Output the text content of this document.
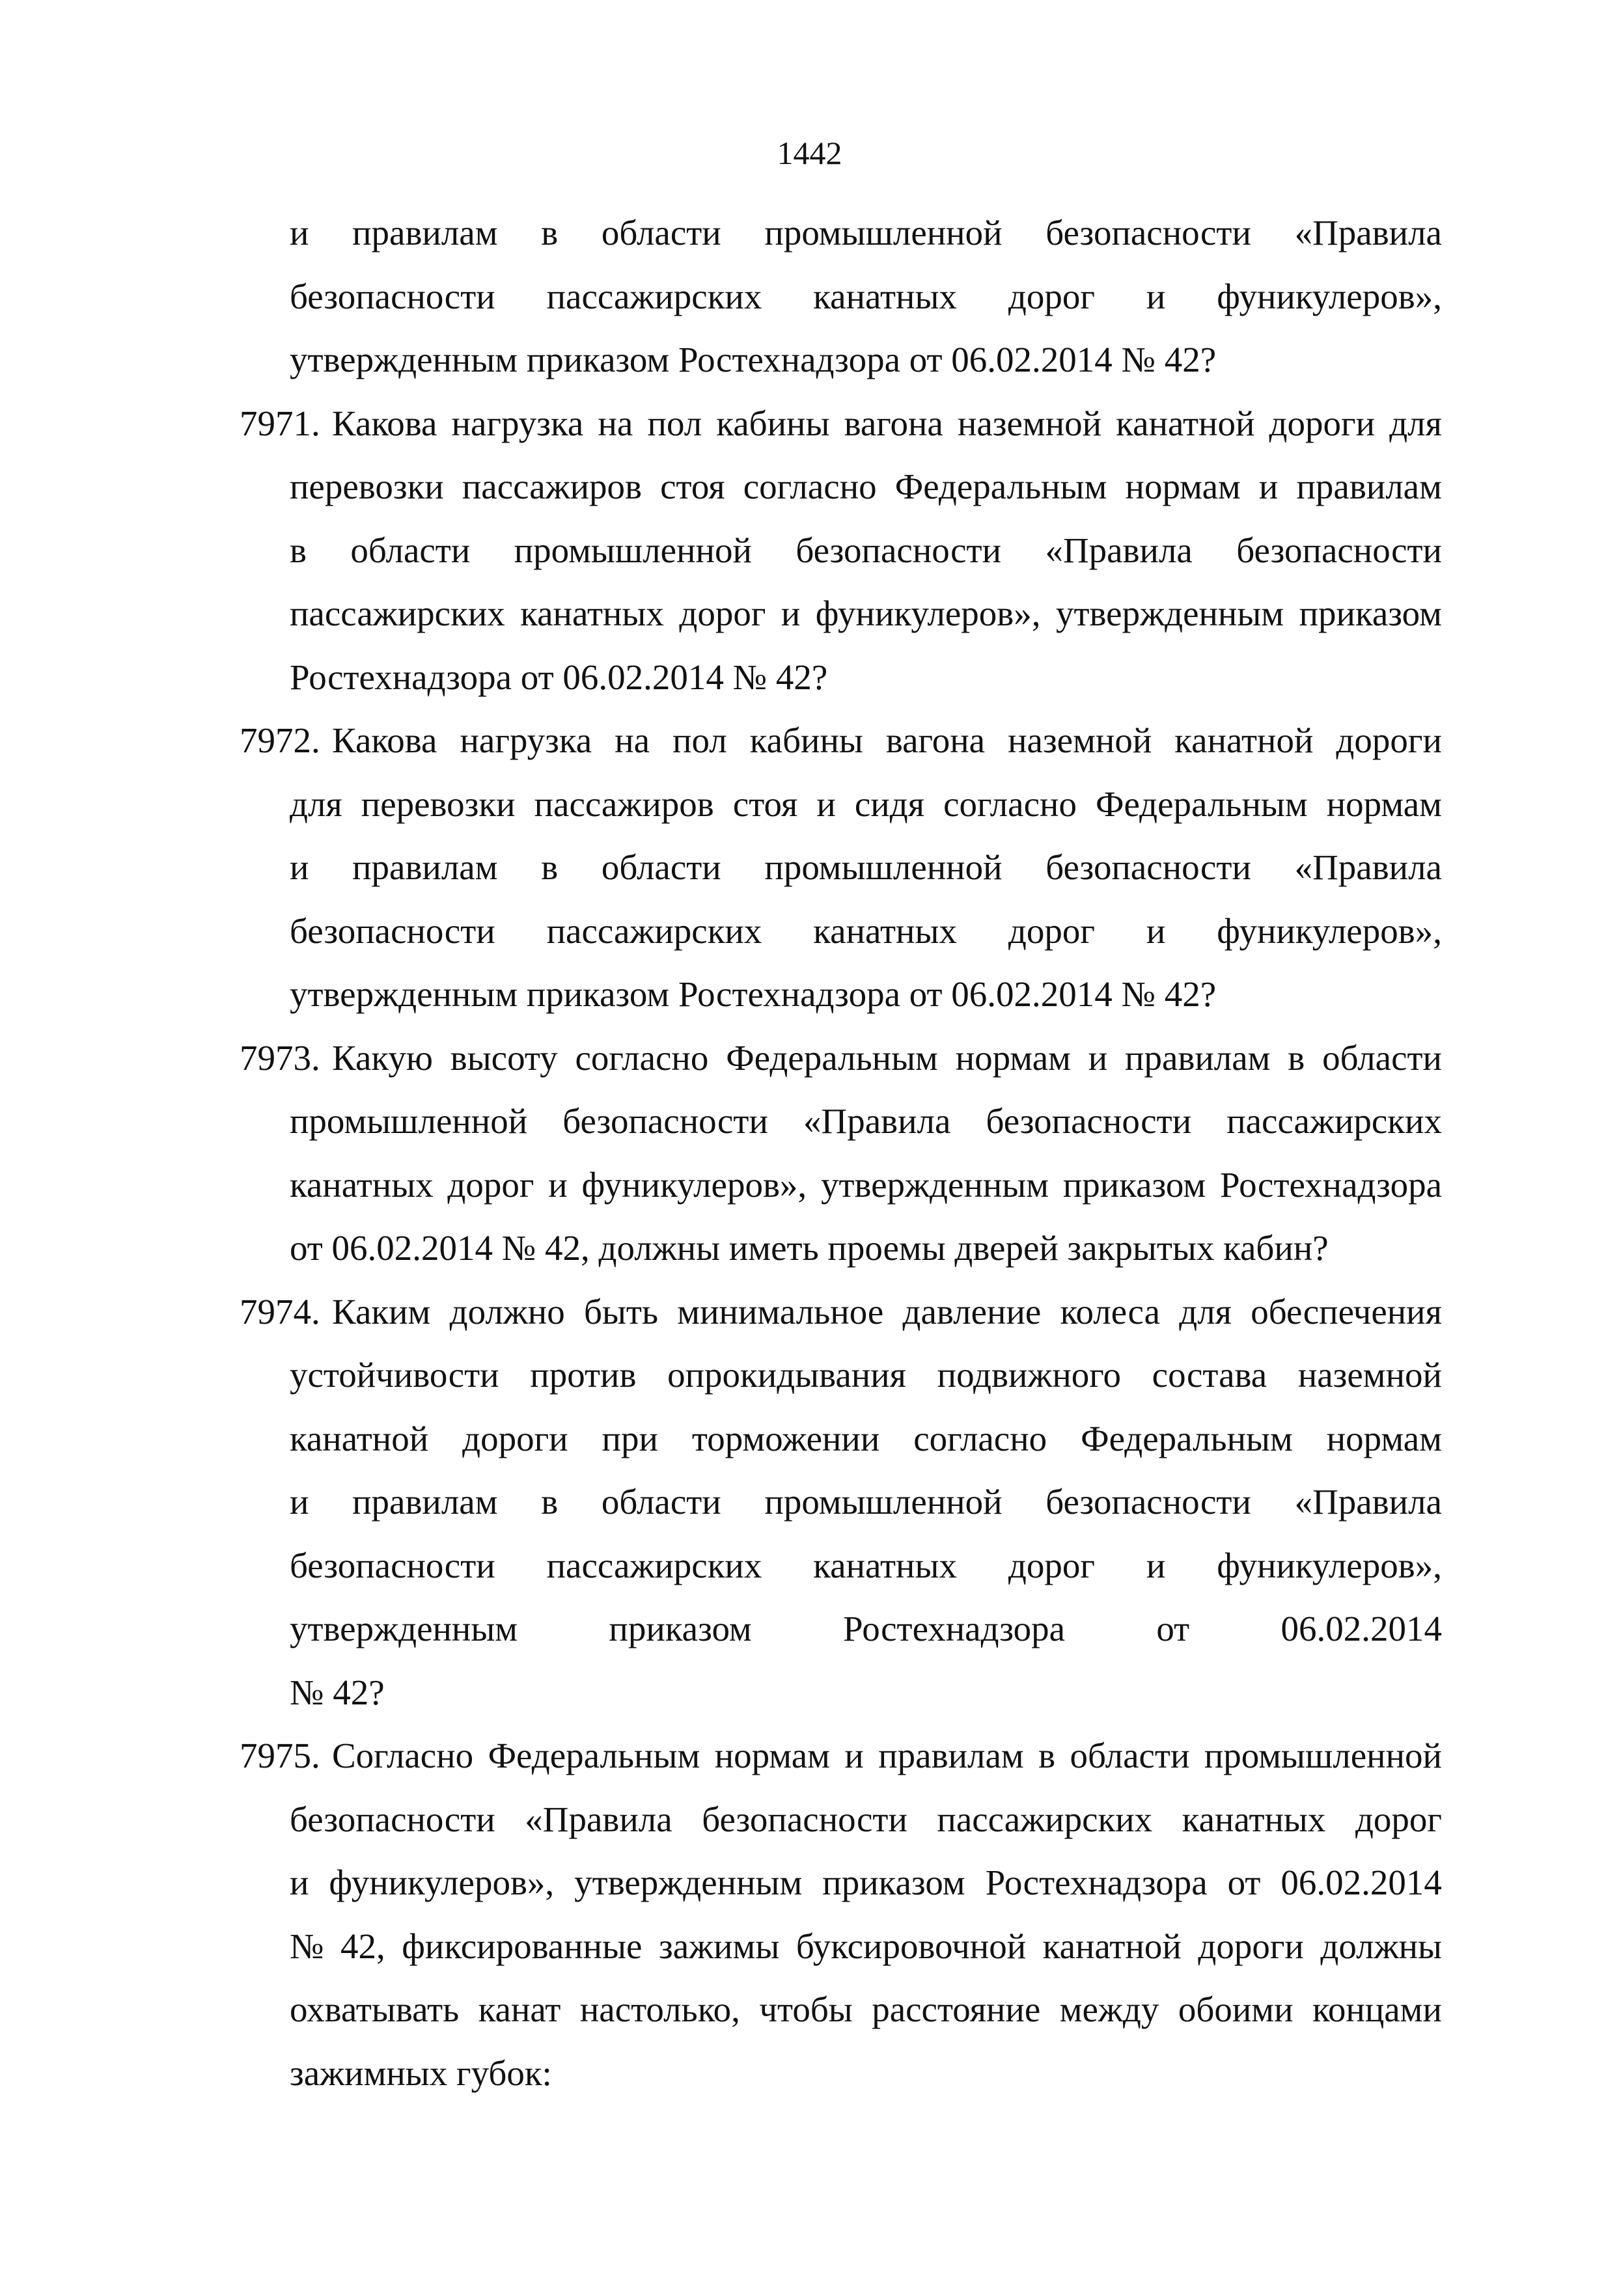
1442
и правилам в области промышленной безопасности «Правила
безопасности пассажирских канатных дорог и фуникулеров»,
утвержденным приказом Ростехнадзора от 06.02.2014 № 42?
7971. Какова нагрузка на пол кабины вагона наземной канатной дороги для
перевозки пассажиров стоя согласно Федеральным нормам и правилам
в области промышленной безопасности «Правила безопасности
пассажирских канатных дорог и фуникулеров», утвержденным приказом
Ростехнадзора от 06.02.2014 № 42?
7972. Какова нагрузка на пол кабины вагона наземной канатной дороги
для перевозки пассажиров стоя и сидя согласно Федеральным нормам
и правилам в области промышленной безопасности «Правила
безопасности пассажирских канатных дорог и фуникулеров»,
утвержденным приказом Ростехнадзора от 06.02.2014 № 42?
7973. Какую высоту согласно Федеральным нормам и правилам в области
промышленной безопасности «Правила безопасности пассажирских
канатных дорог и фуникулеров», утвержденным приказом Ростехнадзора
от 06.02.2014 № 42, должны иметь проемы дверей закрытых кабин?
7974. Каким должно быть минимальное давление колеса для обеспечения
устойчивости против опрокидывания подвижного состава наземной
канатной дороги при торможении согласно Федеральным нормам
и правилам в области промышленной безопасности «Правила
безопасности пассажирских канатных дорог и фуникулеров»,
утвержденным	приказом	Ростехнадзора	от	06.02.2014
№ 42?
7975. Согласно Федеральным нормам и правилам в области промышленной
безопасности «Правила безопасности пассажирских канатных дорог
и фуникулеров», утвержденным приказом Ростехнадзора от 06.02.2014
№ 42, фиксированные зажимы буксировочной канатной дороги должны
охватывать канат настолько, чтобы расстояние между обоими концами
зажимных губок:
